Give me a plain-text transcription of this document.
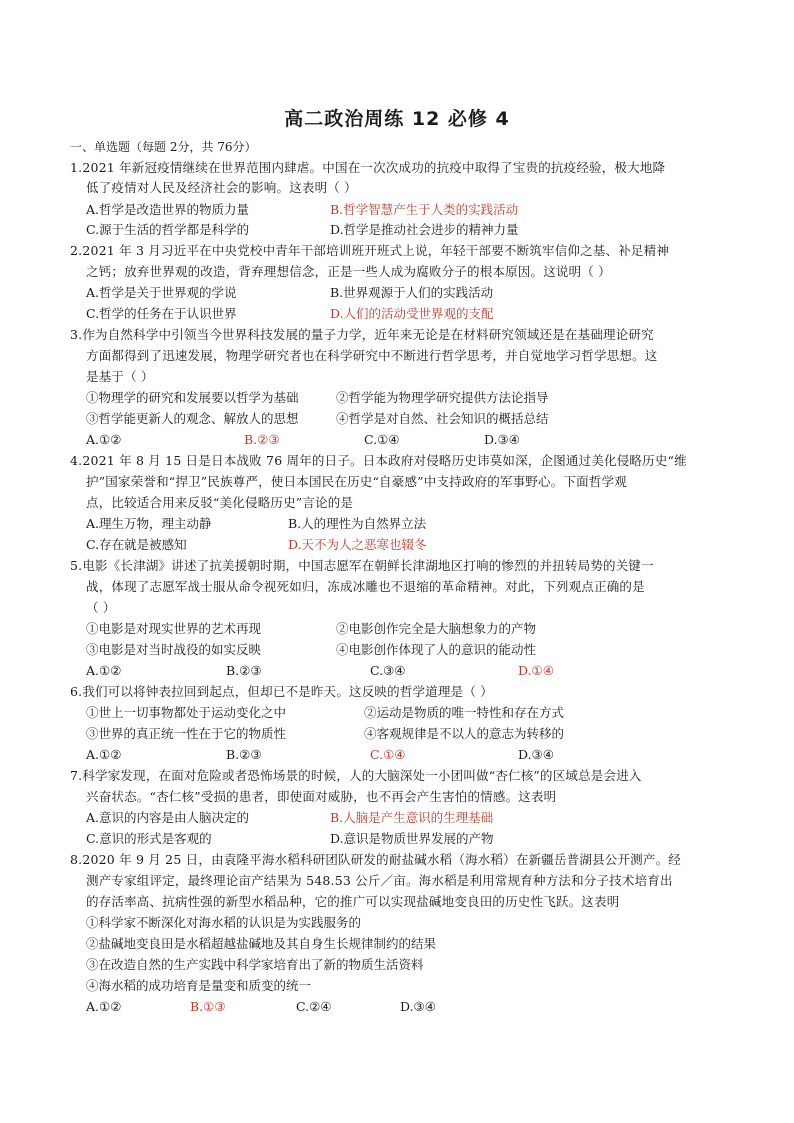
高二政治周练 12 必修 4
一、单选题（每题 2分，共 76分）
1.2021 年新冠疫情继续在世界范围内肆虐。中国在一次次成功的抗疫中取得了宝贵的抗疫经验，极大地降
低了疫情对人民及经济社会的影响。这表明（ ）
A.哲学是改造世界的物质力量	B.哲学智慧产生于人类的实践活动
C.源于生活的哲学都是科学的	D.哲学是推动社会进步的精神力量
2.2021 年 3 月习近平在中央党校中青年干部培训班开班式上说，年轻干部要不断筑牢信仰之基、补足精神
之钙；放弃世界观的改造，背弃理想信念，正是一些人成为腐败分子的根本原因。这说明（ ）
A.哲学是关于世界观的学说	B.世界观源于人们的实践活动
C.哲学的任务在于认识世界	D.人们的活动受世界观的支配
3.作为自然科学中引领当今世界科技发展的量子力学，近年来无论是在材料研究领域还是在基础理论研究
方面都得到了迅速发展，物理学研究者也在科学研究中不断进行哲学思考，并自觉地学习哲学思想。这
是基于（ ）
①物理学的研究和发展要以哲学为基础	②哲学能为物理学研究提供方法论指导
③哲学能更新人的观念、解放人的思想	④哲学是对自然、社会知识的概括总结
A.①②	B.②③	C.①④	D.③④
4.2021 年 8 月 15 日是日本战败 76 周年的日子。日本政府对侵略历史讳莫如深，企图通过美化侵略历史“维
护”国家荣誉和“捍卫”民族尊严，使日本国民在历史“自豪感”中支持政府的军事野心。下面哲学观
点，比较适合用来反驳“美化侵略历史”言论的是
A.理生万物，理主动静	B.人的理性为自然界立法
C.存在就是被感知	D.天不为人之恶寒也辍冬
5.电影《长津湖》讲述了抗美援朝时期，中国志愿军在朝鲜长津湖地区打响的惨烈的并扭转局势的关键一
战，体现了志愿军战士服从命令视死如归，冻成冰雕也不退缩的革命精神。对此，下列观点正确的是
（ ）
①电影是对现实世界的艺术再现	②电影创作完全是大脑想象力的产物
③电影是对当时战役的如实反映	④电影创作体现了人的意识的能动性
A.①②	B.②③	C.③④	D.①④
6.我们可以将钟表拉回到起点，但却已不是昨天。这反映的哲学道理是（ ）
①世上一切事物都处于运动变化之中	②运动是物质的唯一特性和存在方式
③世界的真正统一性在于它的物质性	④客观规律是不以人的意志为转移的
A.①②	B.②③	C.①④	D.③④
7.科学家发现，在面对危险或者恐怖场景的时候，人的大脑深处一小团叫做“杏仁核”的区域总是会进入
兴奋状态。“杏仁核”受损的患者，即使面对威胁，也不再会产生害怕的情感。这表明
A.意识的内容是由人脑决定的	B.人脑是产生意识的生理基础
C.意识的形式是客观的	D.意识是物质世界发展的产物
8.2020 年 9 月 25 日，由袁隆平海水稻科研团队研发的耐盐碱水稻（海水稻）在新疆岳普湖县公开测产。经
测产专家组评定，最终理论亩产结果为 548.53 公斤／亩。海水稻是利用常规育种方法和分子技术培育出
的存活率高、抗病性强的新型水稻品种，它的推广可以实现盐碱地变良田的历史性飞跃。这表明
①科学家不断深化对海水稻的认识是为实践服务的
②盐碱地变良田是水稻超越盐碱地及其自身生长规律制约的结果
③在改造自然的生产实践中科学家培育出了新的物质生活资料
④海水稻的成功培育是量变和质变的统一
A.①②	B.①③	C.②④	D.③④
